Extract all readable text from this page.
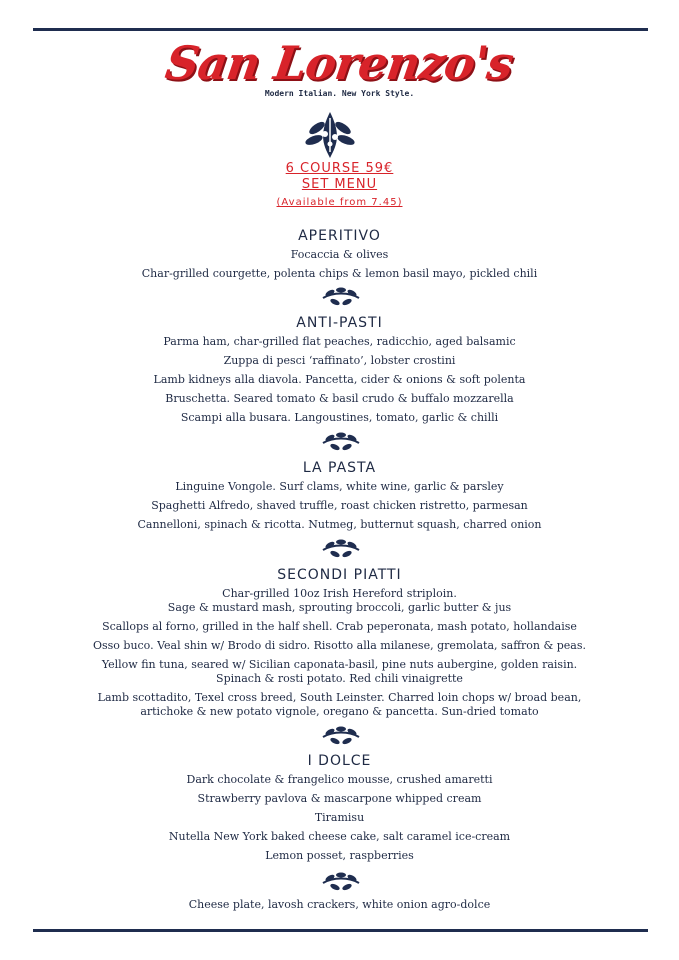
San Lorenzo's
Modern Italian. New York Style.
6 COURSE 59€
SET MENU
(Available from 7.45)
APERITIVO
Focaccia & olives
Char-grilled courgette, polenta chips & lemon basil mayo, pickled chili
ANTI-PASTI
Parma ham, char-grilled flat peaches, radicchio, aged balsamic
Zuppa di pesci ‘raffinato’, lobster crostini
Lamb kidneys alla diavola. Pancetta, cider & onions & soft polenta
Bruschetta. Seared tomato & basil crudo & buffalo mozzarella
Scampi alla busara. Langoustines, tomato, garlic & chilli
LA PASTA
Linguine Vongole. Surf clams, white wine, garlic & parsley
Spaghetti Alfredo, shaved truffle, roast chicken ristretto, parmesan
Cannelloni, spinach & ricotta. Nutmeg, butternut squash, charred onion
SECONDI PIATTI
Char-grilled 10oz Irish Hereford striploin.
Sage & mustard mash, sprouting broccoli, garlic butter & jus
Scallops al forno, grilled in the half shell. Crab peperonata, mash potato, hollandaise
Osso buco. Veal shin w/ Brodo di sidro. Risotto alla milanese, gremolata, saffron & peas.
Yellow fin tuna, seared w/ Sicilian caponata-basil, pine nuts aubergine, golden raisin.
Spinach & rosti potato. Red chili vinaigrette
Lamb scottadito, Texel cross breed, South Leinster. Charred loin chops w/ broad bean,
artichoke & new potato vignole, oregano & pancetta. Sun-dried tomato
I DOLCE
Dark chocolate & frangelico mousse, crushed amaretti
Strawberry pavlova & mascarpone whipped cream
Tiramisu
Nutella New York baked cheese cake, salt caramel ice-cream
Lemon posset, raspberries
Cheese plate, lavosh crackers, white onion agro-dolce
